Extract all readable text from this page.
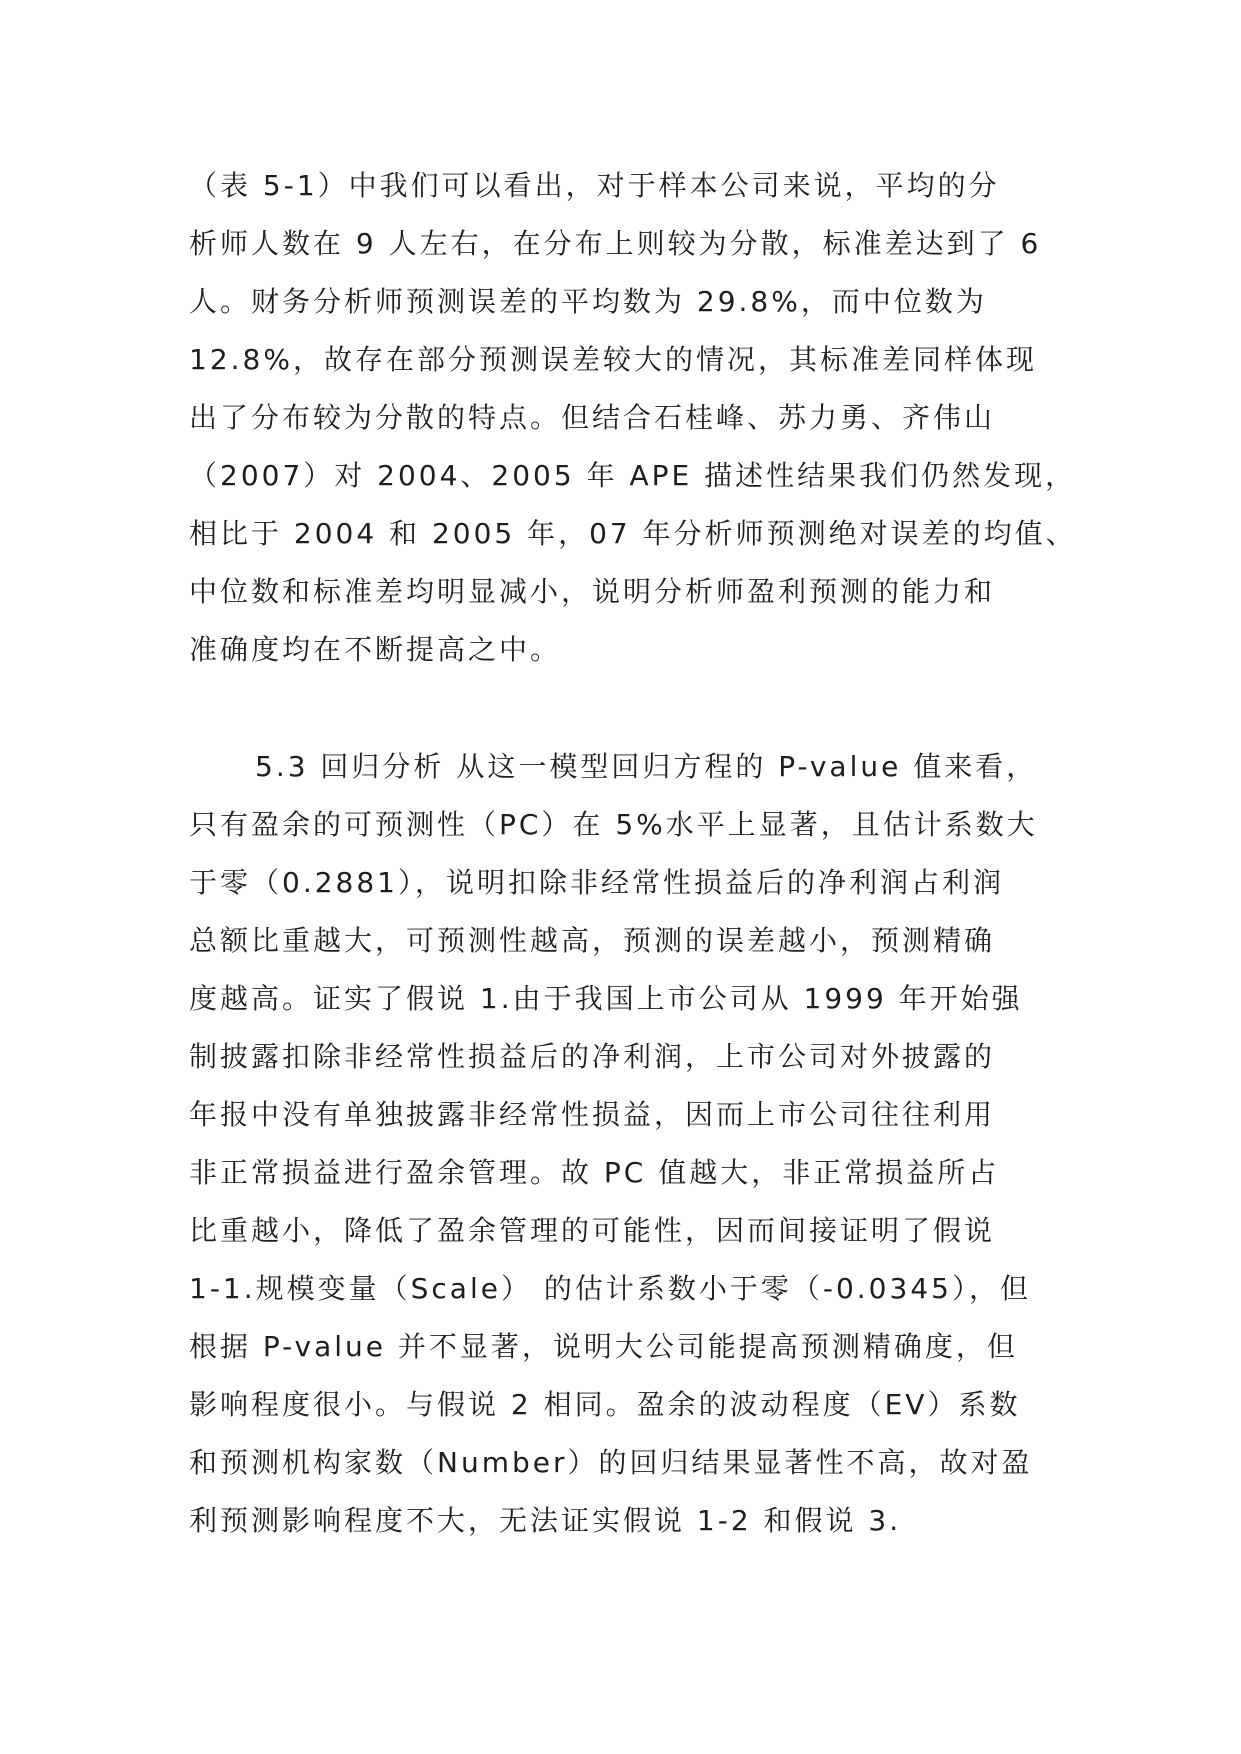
（表 5-1）中我们可以看出，对于样本公司来说，平均的分
析师人数在 9 人左右，在分布上则较为分散，标准差达到了 6
人。财务分析师预测误差的平均数为 29.8%，而中位数为
12.8%，故存在部分预测误差较大的情况，其标准差同样体现
出了分布较为分散的特点。但结合石桂峰、苏力勇、齐伟山
（2007）对 2004、2005 年 APE 描述性结果我们仍然发现，
相比于 2004 和 2005 年，07 年分析师预测绝对误差的均值、
中位数和标准差均明显减小，说明分析师盈利预测的能力和
准确度均在不断提高之中。
5.3 回归分析 从这一模型回归方程的 P-value 值来看，
只有盈余的可预测性（PC）在 5%水平上显著，且估计系数大
于零（0.2881），说明扣除非经常性损益后的净利润占利润
总额比重越大，可预测性越高，预测的误差越小，预测精确
度越高。证实了假说 1.由于我国上市公司从 1999 年开始强
制披露扣除非经常性损益后的净利润，上市公司对外披露的
年报中没有单独披露非经常性损益，因而上市公司往往利用
非正常损益进行盈余管理。故 PC 值越大，非正常损益所占
比重越小，降低了盈余管理的可能性，因而间接证明了假说
1-1.规模变量（Scale） 的估计系数小于零（-0.0345），但
根据 P-value 并不显著，说明大公司能提高预测精确度，但
影响程度很小。与假说 2 相同。盈余的波动程度（EV）系数
和预测机构家数（Number）的回归结果显著性不高，故对盈
利预测影响程度不大，无法证实假说 1-2 和假说 3.
